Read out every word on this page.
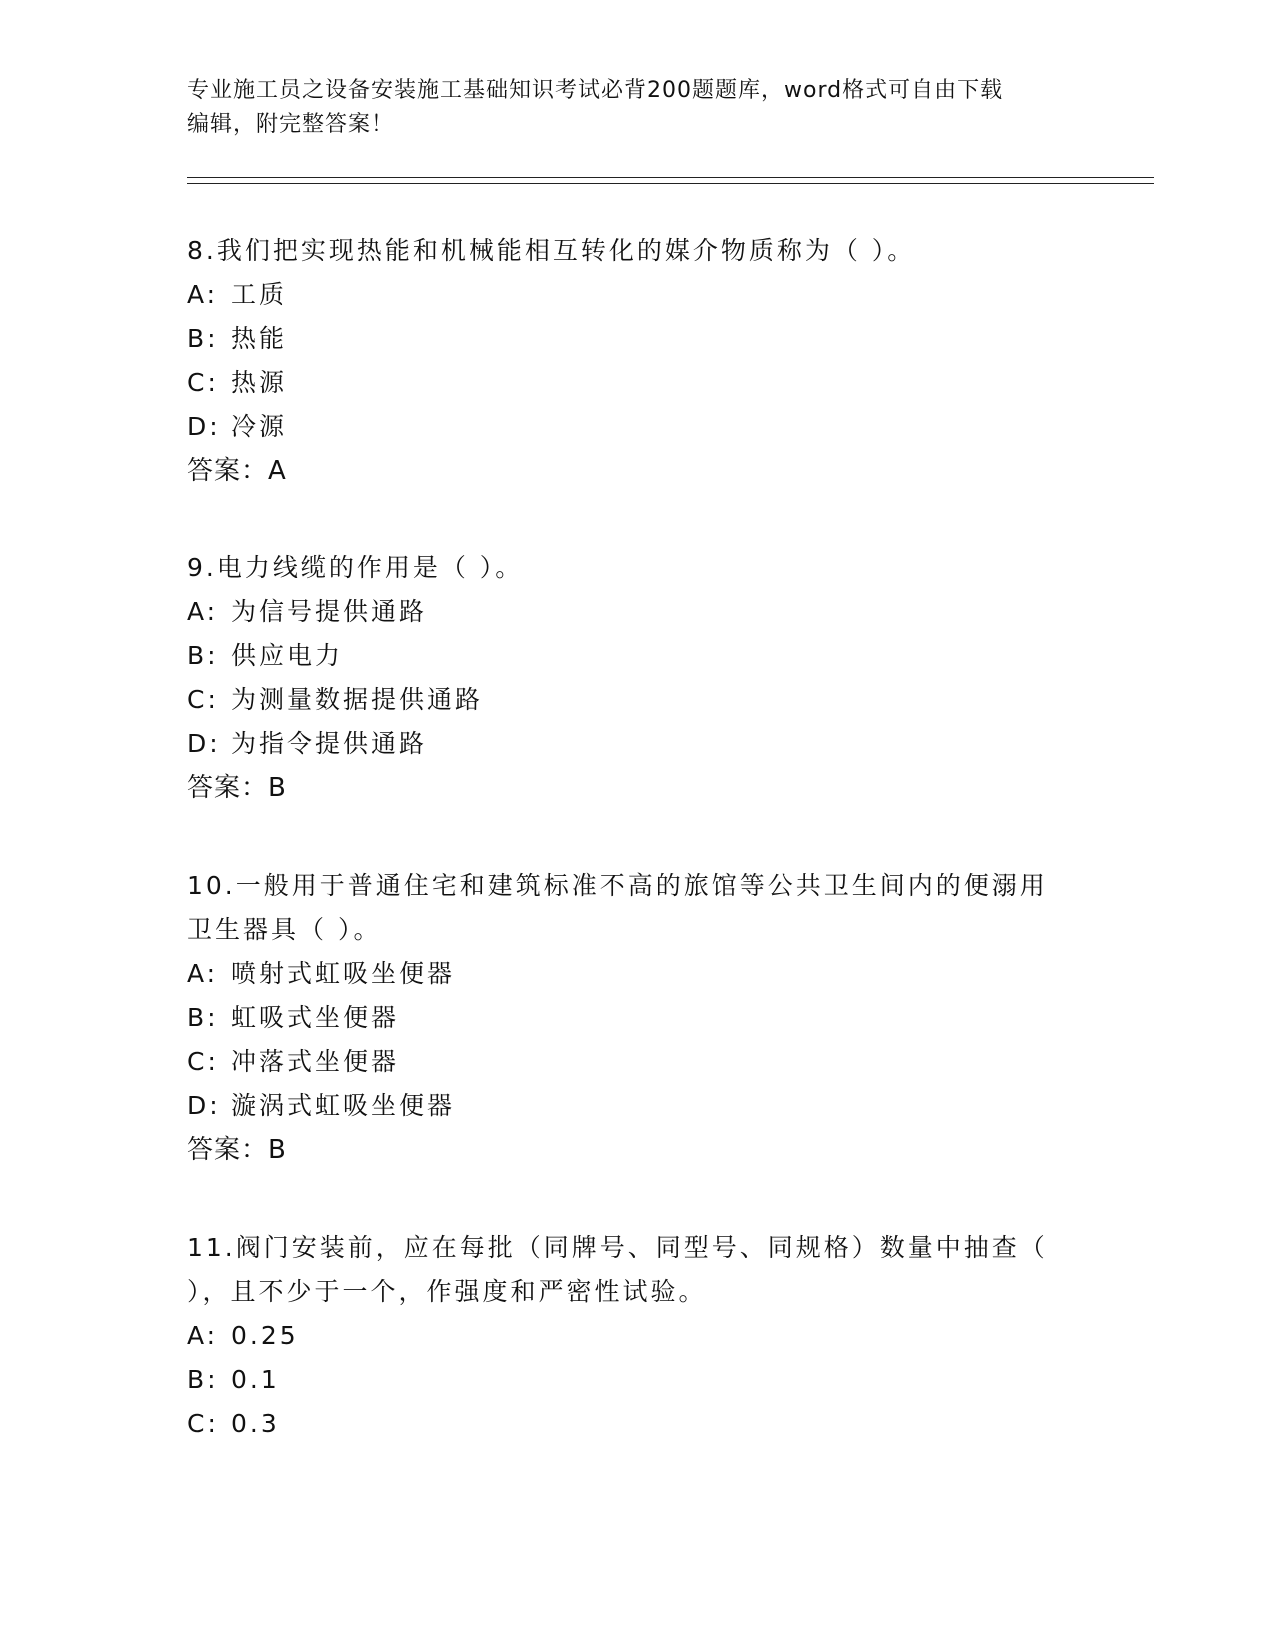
专业施工员之设备安装施工基础知识考试必背200题题库，word格式可自由下载
编辑，附完整答案！

8.我们把实现热能和机械能相互转化的媒介物质称为（ ）。

A: 工质

B: 热能

C: 热源

D: 冷源

答案：A

9.电力线缆的作用是（ ）。

A: 为信号提供通路

B: 供应电力

C: 为测量数据提供通路

D: 为指令提供通路

答案：B

10.一般用于普通住宅和建筑标准不高的旅馆等公共卫生间内的便溺用

卫生器具（ ）。

A: 喷射式虹吸坐便器

B: 虹吸式坐便器

C: 冲落式坐便器

D: 漩涡式虹吸坐便器

答案：B

11.阀门安装前，应在每批（同牌号、同型号、同规格）数量中抽查（

），且不少于一个，作强度和严密性试验。

A: 0.25

B: 0.1

C: 0.3
